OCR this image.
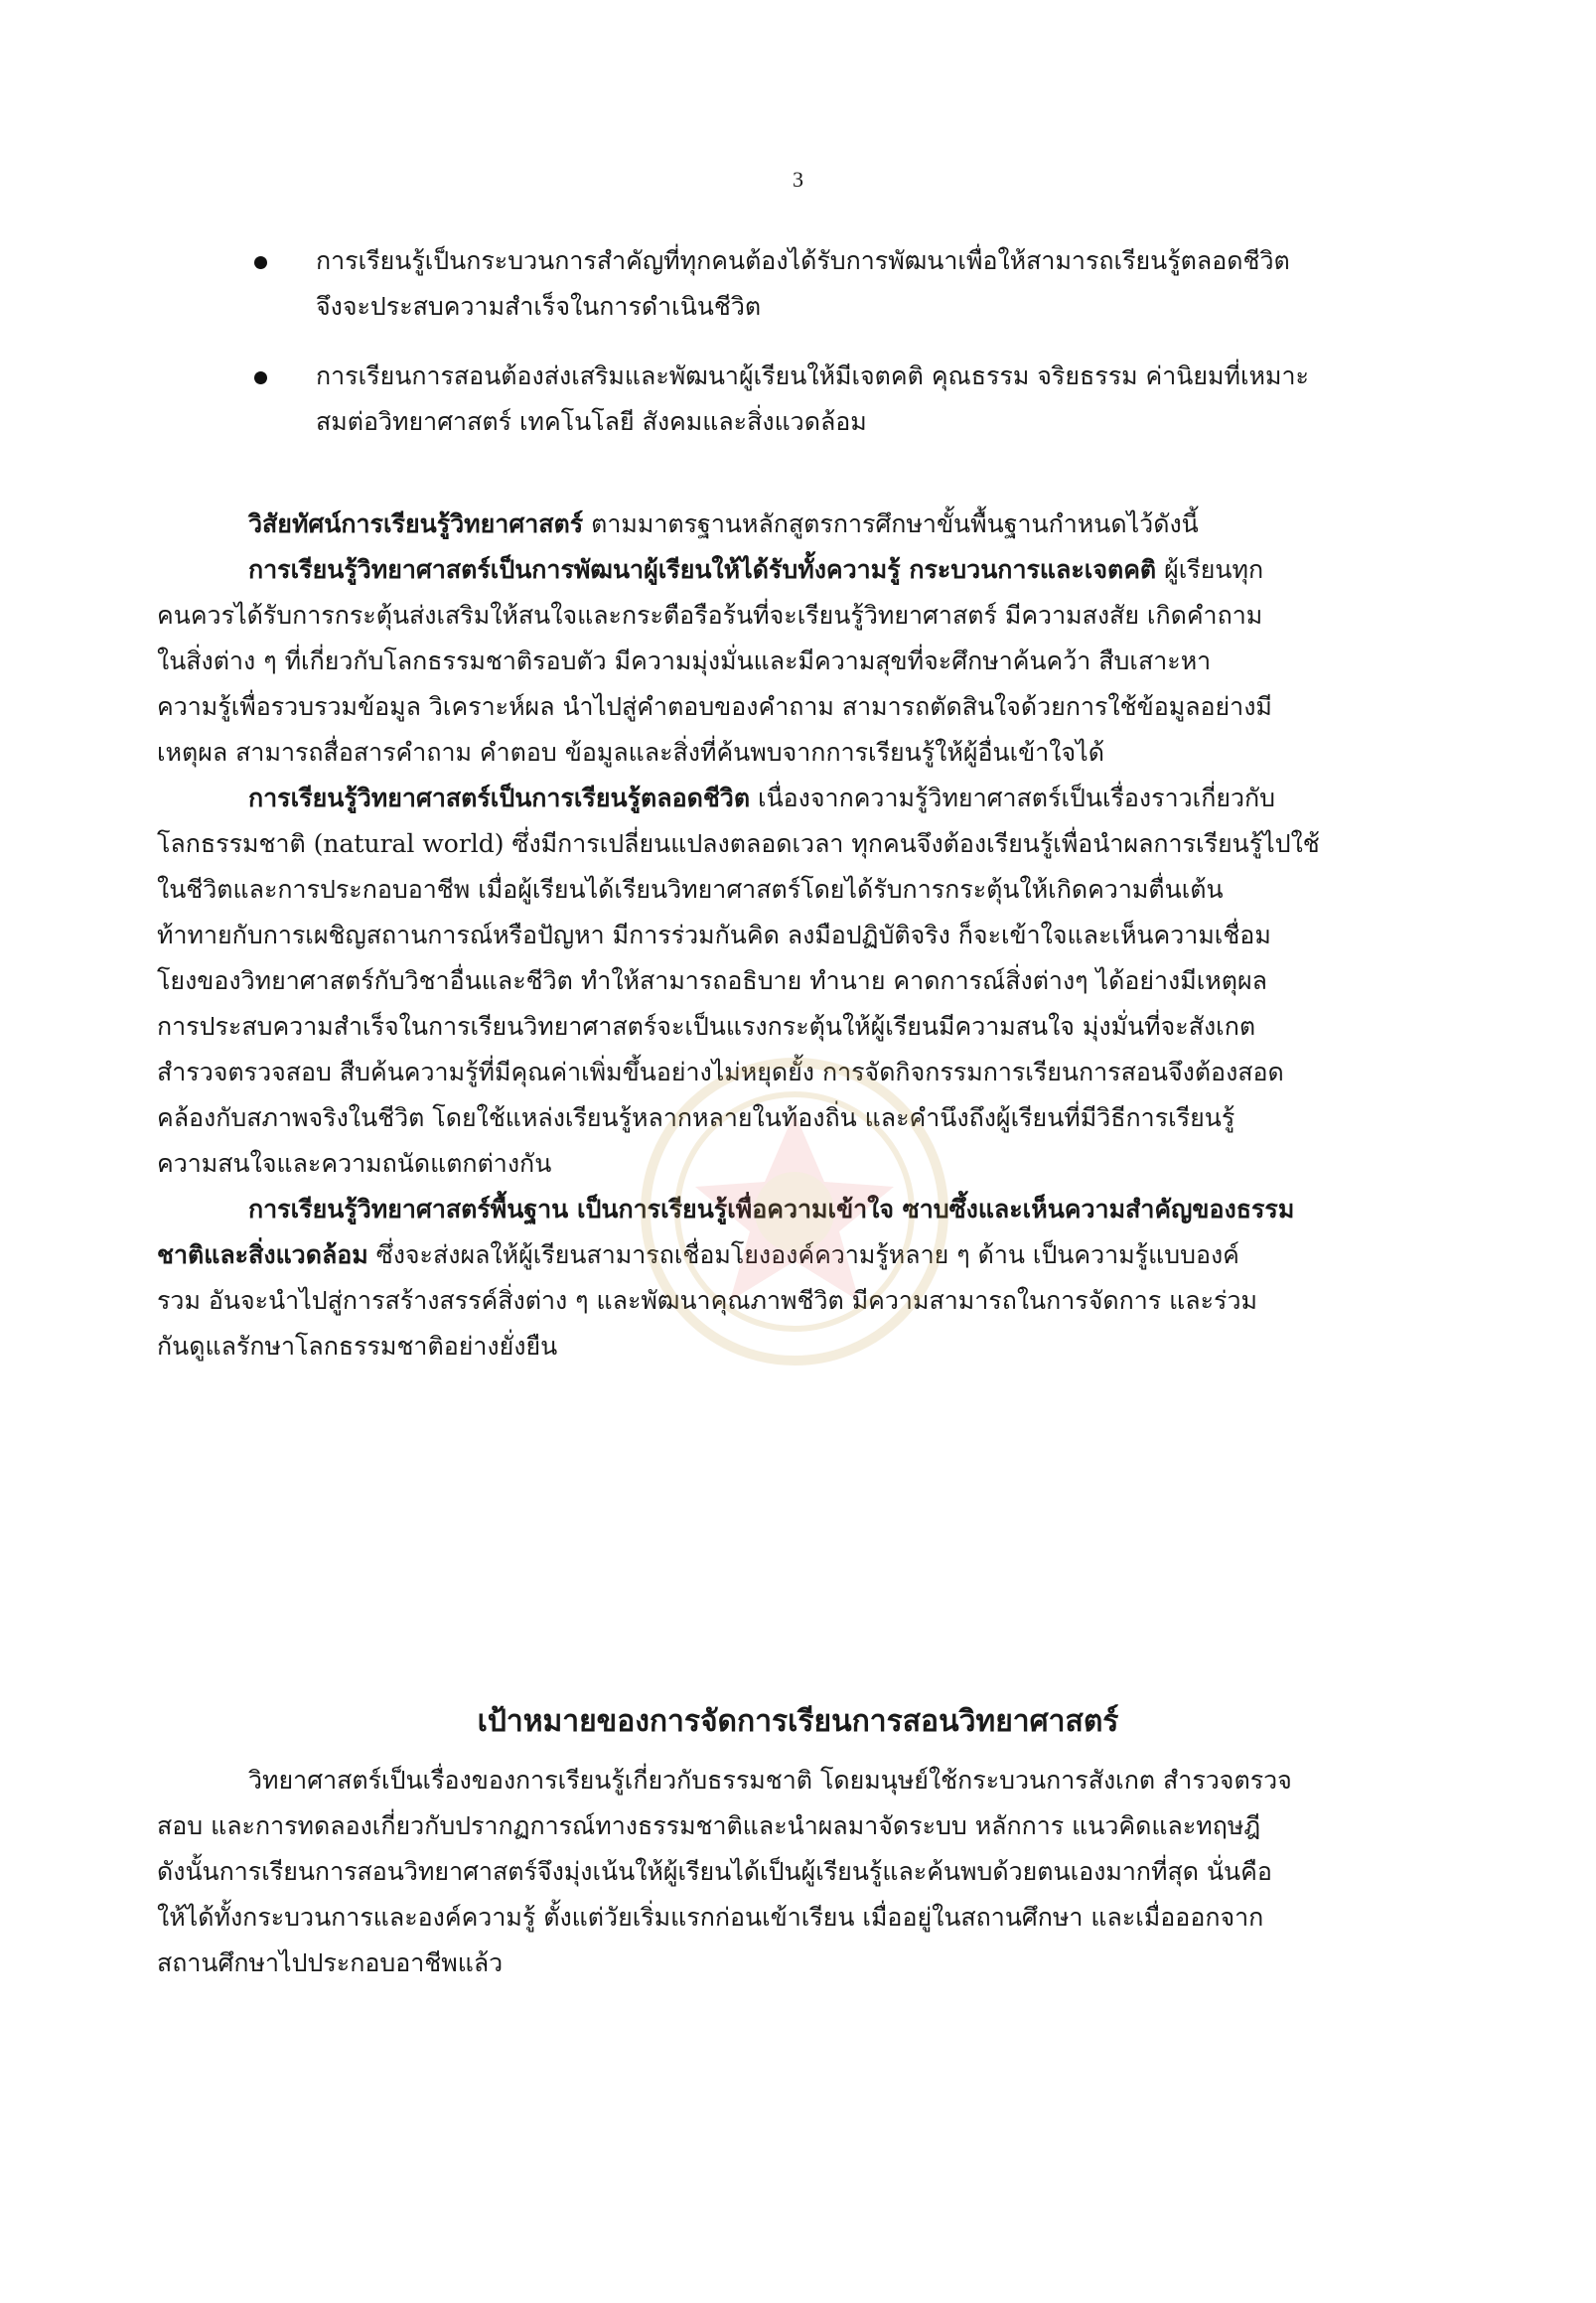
3
การเรียนรู้เป็นกระบวนการสำคัญที่ทุกคนต้องได้รับการพัฒนาเพื่อให้สามารถเรียนรู้ตลอดชีวิต
จึงจะประสบความสำเร็จในการดำเนินชีวิต
การเรียนการสอนต้องส่งเสริมและพัฒนาผู้เรียนให้มีเจตคติ คุณธรรม จริยธรรม ค่านิยมที่เหมาะ
สมต่อวิทยาศาสตร์ เทคโนโลยี สังคมและสิ่งแวดล้อม
วิสัยทัศน์การเรียนรู้วิทยาศาสตร์ ตามมาตรฐานหลักสูตรการศึกษาขั้นพื้นฐานกำหนดไว้ดังนี้
การเรียนรู้วิทยาศาสตร์เป็นการพัฒนาผู้เรียนให้ได้รับทั้งความรู้ กระบวนการและเจตคติ ผู้เรียนทุก
คนควรได้รับการกระตุ้นส่งเสริมให้สนใจและกระตือรือร้นที่จะเรียนรู้วิทยาศาสตร์ มีความสงสัย เกิดคำถาม
ในสิ่งต่าง ๆ ที่เกี่ยวกับโลกธรรมชาติรอบตัว มีความมุ่งมั่นและมีความสุขที่จะศึกษาค้นคว้า สืบเสาะหา
ความรู้เพื่อรวบรวมข้อมูล วิเคราะห์ผล นำไปสู่คำตอบของคำถาม สามารถตัดสินใจด้วยการใช้ข้อมูลอย่างมี
เหตุผล สามารถสื่อสารคำถาม คำตอบ ข้อมูลและสิ่งที่ค้นพบจากการเรียนรู้ให้ผู้อื่นเข้าใจได้
การเรียนรู้วิทยาศาสตร์เป็นการเรียนรู้ตลอดชีวิต เนื่องจากความรู้วิทยาศาสตร์เป็นเรื่องราวเกี่ยวกับ
โลกธรรมชาติ (natural world) ซึ่งมีการเปลี่ยนแปลงตลอดเวลา ทุกคนจึงต้องเรียนรู้เพื่อนำผลการเรียนรู้ไปใช้
ในชีวิตและการประกอบอาชีพ เมื่อผู้เรียนได้เรียนวิทยาศาสตร์โดยได้รับการกระตุ้นให้เกิดความตื่นเต้น
ท้าทายกับการเผชิญสถานการณ์หรือปัญหา มีการร่วมกันคิด ลงมือปฏิบัติจริง ก็จะเข้าใจและเห็นความเชื่อม
โยงของวิทยาศาสตร์กับวิชาอื่นและชีวิต ทำให้สามารถอธิบาย ทำนาย คาดการณ์สิ่งต่างๆ ได้อย่างมีเหตุผล
การประสบความสำเร็จในการเรียนวิทยาศาสตร์จะเป็นแรงกระตุ้นให้ผู้เรียนมีความสนใจ มุ่งมั่นที่จะสังเกต
สำรวจตรวจสอบ สืบค้นความรู้ที่มีคุณค่าเพิ่มขึ้นอย่างไม่หยุดยั้ง การจัดกิจกรรมการเรียนการสอนจึงต้องสอด
คล้องกับสภาพจริงในชีวิต โดยใช้แหล่งเรียนรู้หลากหลายในท้องถิ่น และคำนึงถึงผู้เรียนที่มีวิธีการเรียนรู้
ความสนใจและความถนัดแตกต่างกัน
การเรียนรู้วิทยาศาสตร์พื้นฐาน เป็นการเรียนรู้เพื่อความเข้าใจ ซาบซึ้งและเห็นความสำคัญของธรรม
ชาติและสิ่งแวดล้อม ซึ่งจะส่งผลให้ผู้เรียนสามารถเชื่อมโยงองค์ความรู้หลาย ๆ ด้าน เป็นความรู้แบบองค์
รวม อันจะนำไปสู่การสร้างสรรค์สิ่งต่าง ๆ และพัฒนาคุณภาพชีวิต มีความสามารถในการจัดการ และร่วม
กันดูแลรักษาโลกธรรมชาติอย่างยั่งยืน
เป้าหมายของการจัดการเรียนการสอนวิทยาศาสตร์
วิทยาศาสตร์เป็นเรื่องของการเรียนรู้เกี่ยวกับธรรมชาติ โดยมนุษย์ใช้กระบวนการสังเกต สำรวจตรวจ
สอบ และการทดลองเกี่ยวกับปรากฏการณ์ทางธรรมชาติและนำผลมาจัดระบบ หลักการ แนวคิดและทฤษฎี
ดังนั้นการเรียนการสอนวิทยาศาสตร์จึงมุ่งเน้นให้ผู้เรียนได้เป็นผู้เรียนรู้และค้นพบด้วยตนเองมากที่สุด นั่นคือ
ให้ได้ทั้งกระบวนการและองค์ความรู้ ตั้งแต่วัยเริ่มแรกก่อนเข้าเรียน เมื่ออยู่ในสถานศึกษา และเมื่อออกจาก
สถานศึกษาไปประกอบอาชีพแล้ว
